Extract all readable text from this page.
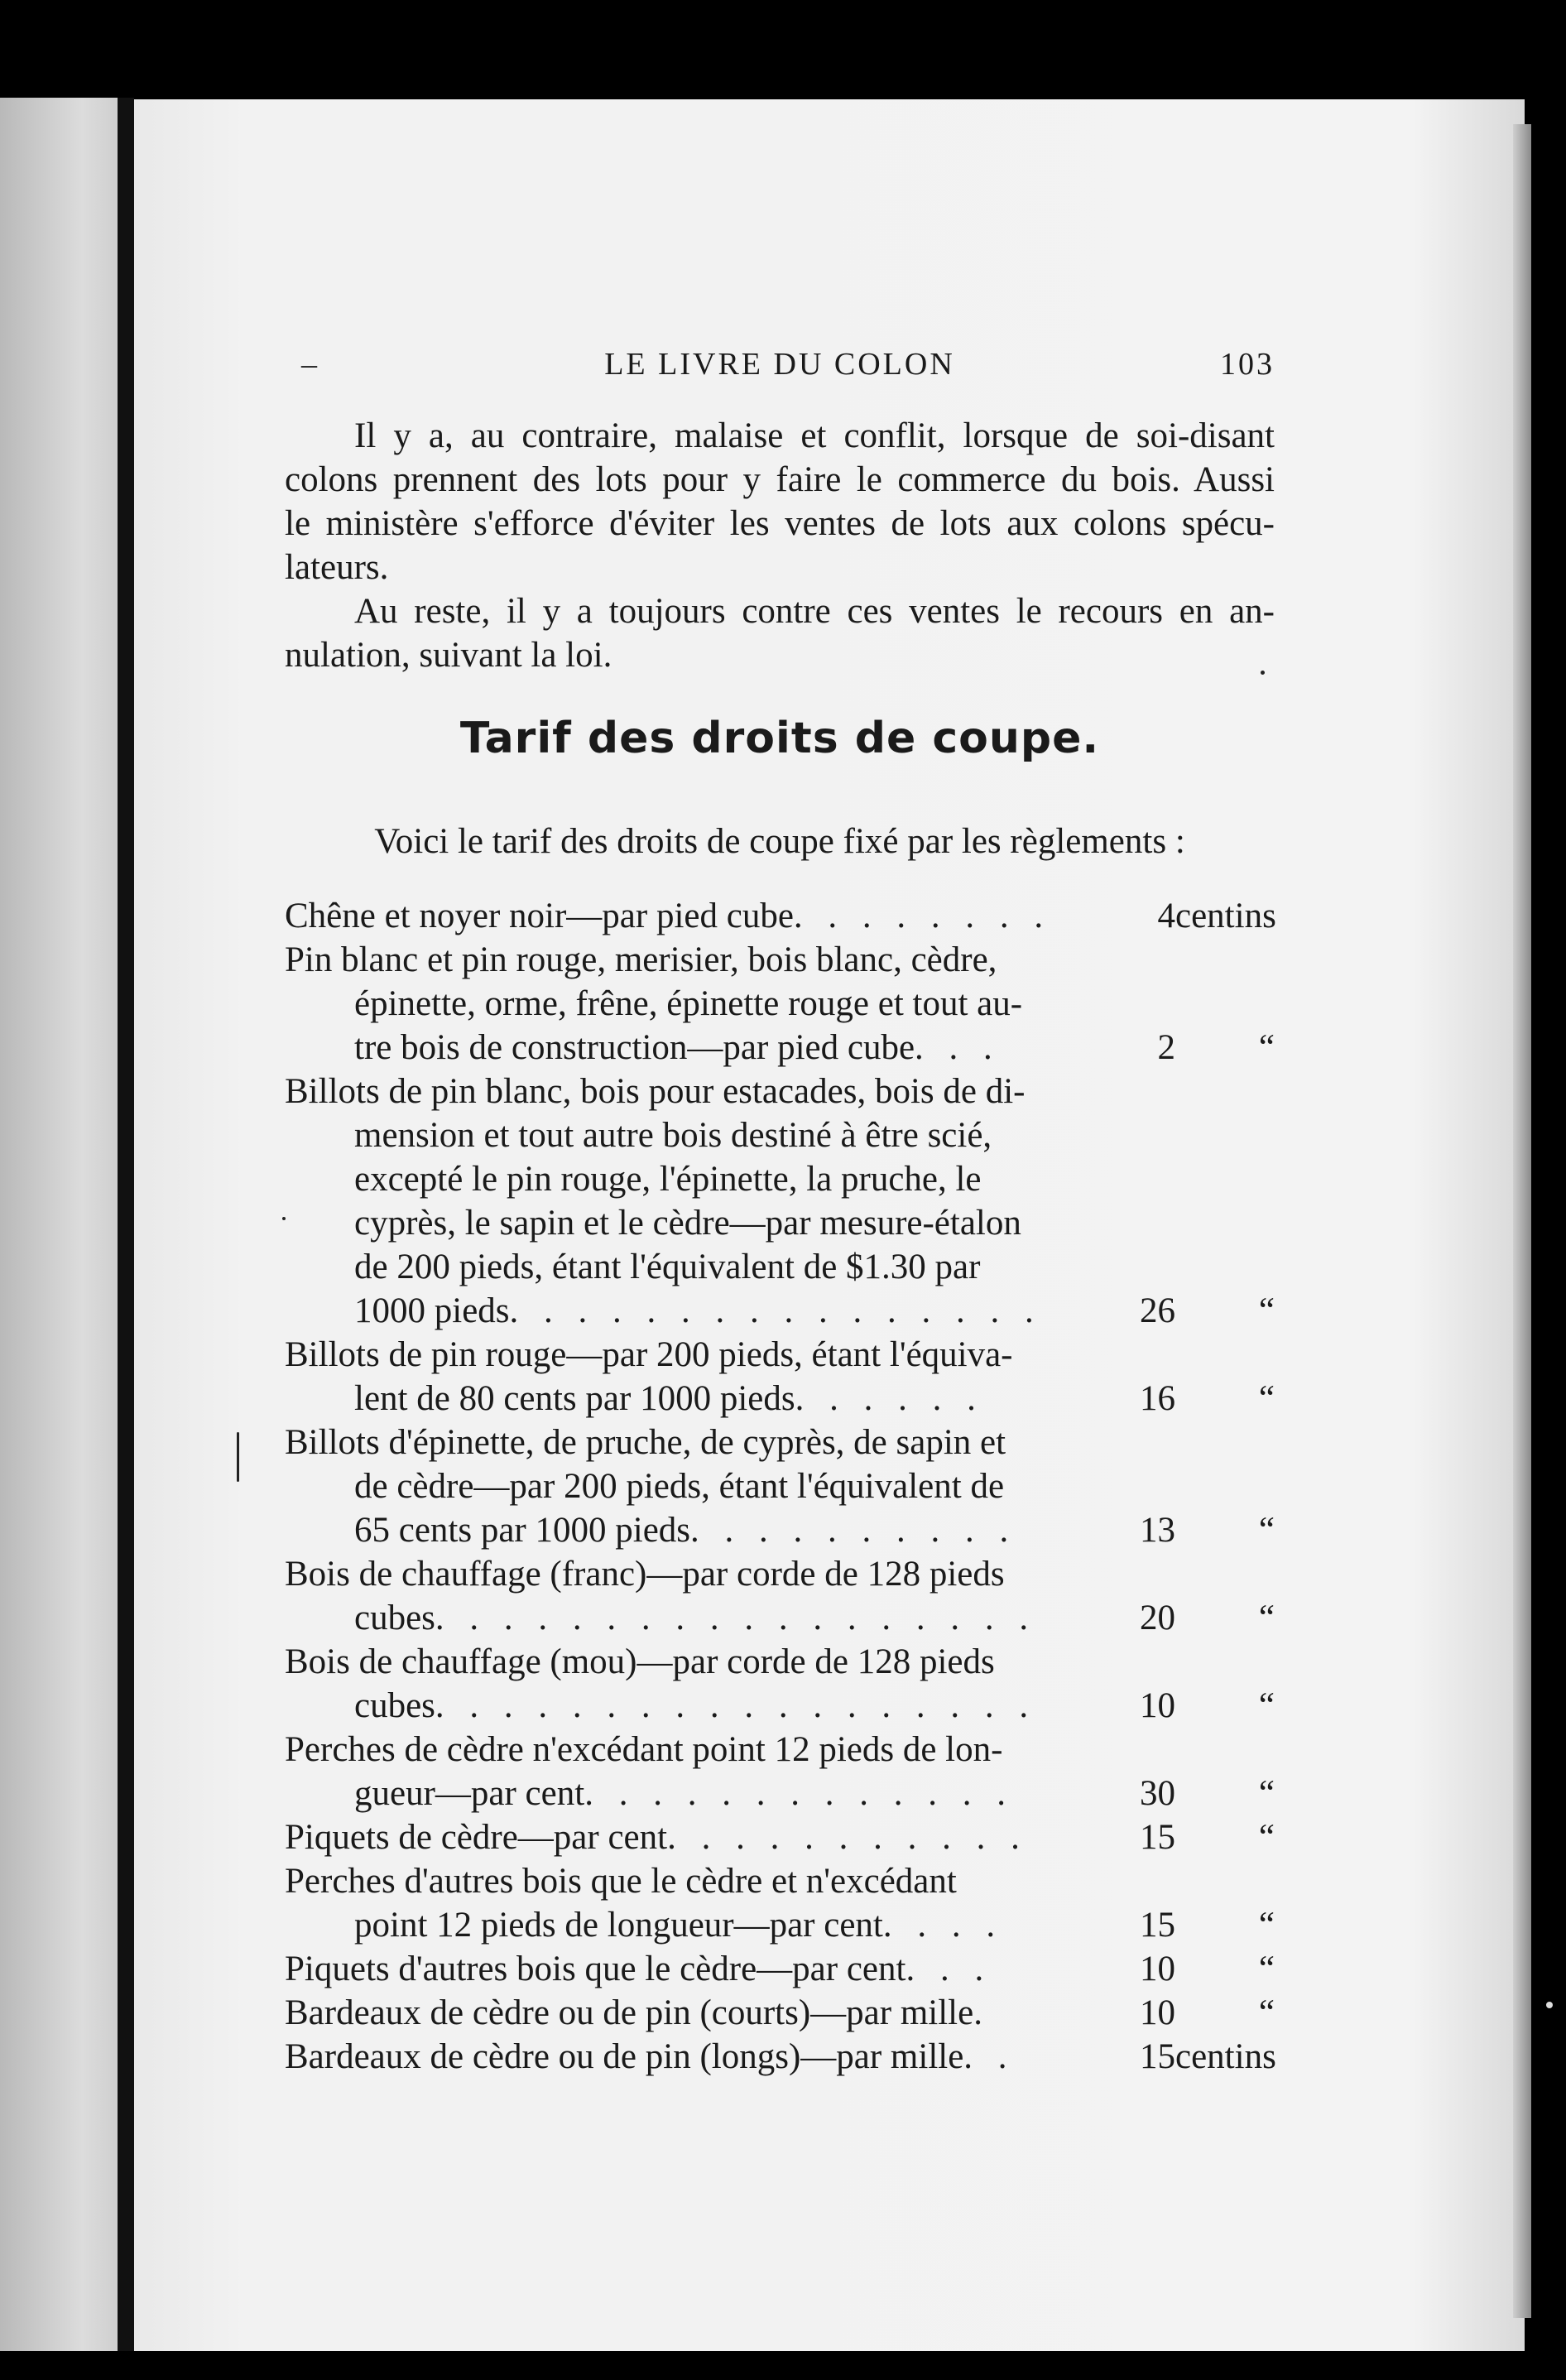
–	LE LIVRE DU COLON	103
Il y a, au contraire, malaise et conflit, lorsque de soi-disant
colons prennent des lots pour y faire le commerce du bois. Aussi
le ministère s'efforce d'éviter les ventes de lots aux colons spécu-
lateurs.
Au reste, il y a toujours contre ces ventes le recours en an-
nulation, suivant la loi.
Tarif des droits de coupe.

Voici le tarif des droits de coupe fixé par les règlements :

Chêne et noyer noir—par pied cube. . . . . . . .	4 centins
Pin blanc et pin rouge, merisier, bois blanc, cèdre,
épinette, orme, frêne, épinette rouge et tout au-
tre bois de construction—par pied cube. . .	2	“
Billots de pin blanc, bois pour estacades, bois de di-
mension et tout autre bois destiné à être scié,
excepté le pin rouge, l'épinette, la pruche, le
cyprès, le sapin et le cèdre—par mesure-étalon
de 200 pieds, étant l'équivalent de $1.30 par
1000 pieds. . . . . . . . . . . . . . . .	26	“
Billots de pin rouge—par 200 pieds, étant l'équiva-
lent de 80 cents par 1000 pieds. . . . . .	16	“
Billots d'épinette, de pruche, de cyprès, de sapin et
de cèdre—par 200 pieds, étant l'équivalent de
65 cents par 1000 pieds. . . . . . . . . .	13	“
Bois de chauffage (franc)—par corde de 128 pieds
cubes. . . . . . . . . . . . . . . . . .	20	“
Bois de chauffage (mou)—par corde de 128 pieds
cubes. . . . . . . . . . . . . . . . . .	10	“
Perches de cèdre n'excédant point 12 pieds de lon-
gueur—par cent. . . . . . . . . . . . .	30	“
Piquets de cèdre—par cent. . . . . . . . . . .	15	“
Perches d'autres bois que le cèdre et n'excédant
point 12 pieds de longueur—par cent. . . .	15	“
Piquets d'autres bois que le cèdre—par cent. . .	10	“
Bardeaux de cèdre ou de pin (courts)—par mille.	10	“
Bardeaux de cèdre ou de pin (longs)—par mille. .	15 centins
